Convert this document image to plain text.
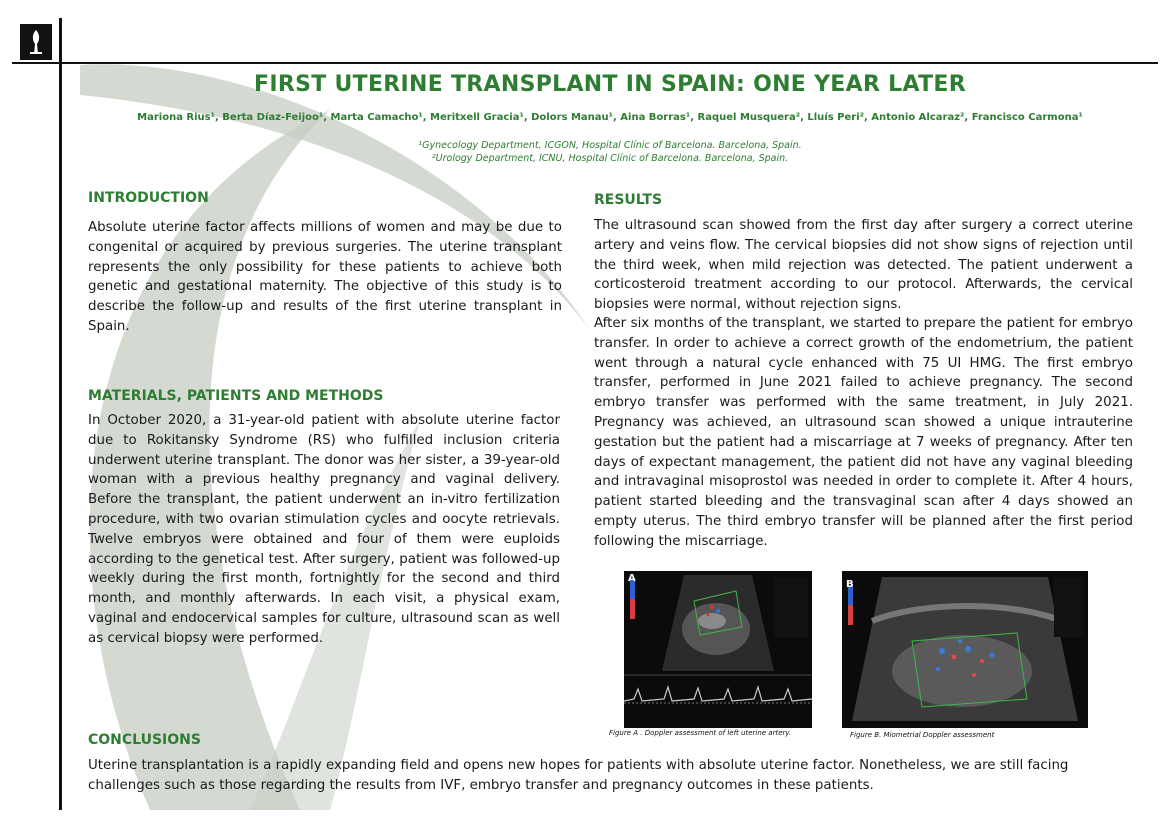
FIRST UTERINE TRANSPLANT IN SPAIN: ONE YEAR LATER
Mariona Rius¹, Berta Díaz-Feijoo¹, Marta Camacho¹, Meritxell Gracia¹, Dolors Manau¹, Aina Borras¹, Raquel Musquera², Lluís Peri², Antonio Alcaraz², Francisco Carmona¹
¹Gynecology Department, ICGON, Hospital Clínic of Barcelona. Barcelona, Spain.
²Urology Department, ICNU, Hospital Clínic of Barcelona. Barcelona, Spain.
INTRODUCTION
Absolute uterine factor affects millions of women and may be due to congenital or acquired by previous surgeries. The uterine transplant represents the only possibility for these patients to achieve both genetic and gestational maternity. The objective of this study is to describe the follow-up and results of the first uterine transplant in Spain.
MATERIALS, PATIENTS AND METHODS
In October 2020, a 31-year-old patient with absolute uterine factor due to Rokitansky Syndrome (RS) who fulfilled inclusion criteria underwent uterine transplant. The donor was her sister, a 39-year-old woman with a previous healthy pregnancy and vaginal delivery. Before the transplant, the patient underwent an in-vitro fertilization procedure, with two ovarian stimulation cycles and oocyte retrievals. Twelve embryos were obtained and four of them were euploids according to the genetical test. After surgery, patient was followed-up weekly during the first month, fortnightly for the second and third month, and monthly afterwards. In each visit, a physical exam, vaginal and endocervical samples for culture, ultrasound scan as well as cervical biopsy were performed.
RESULTS
The ultrasound scan showed from the first day after surgery a correct uterine artery and veins flow. The cervical biopsies did not show signs of rejection until the third week, when mild rejection was detected. The patient underwent a corticosteroid treatment according to our protocol. Afterwards, the cervical biopsies were normal, without rejection signs.
After six months of the transplant, we started to prepare the patient for embryo transfer. In order to achieve a correct growth of the endometrium, the patient went through a natural cycle enhanced with 75 UI HMG. The first embryo transfer, performed in June 2021 failed to achieve pregnancy. The second embryo transfer was performed with the same treatment, in July 2021. Pregnancy was achieved, an ultrasound scan showed a unique intrauterine gestation but the patient had a miscarriage at 7 weeks of pregnancy. After ten days of expectant management, the patient did not have any vaginal bleeding and intravaginal misoprostol was needed in order to complete it. After 4 hours, patient started bleeding and the transvaginal scan after 4 days showed an empty uterus. The third embryo transfer will be planned after the first period following the miscarriage.
A
Figure A . Doppler assessment of left uterine artery.
B
Figure B. Miometrial Doppler assessment
CONCLUSIONS
Uterine transplantation is a rapidly expanding field and opens new hopes for patients with absolute uterine factor. Nonetheless, we are still facing challenges such as those regarding the results from IVF, embryo transfer and pregnancy outcomes in these patients.
